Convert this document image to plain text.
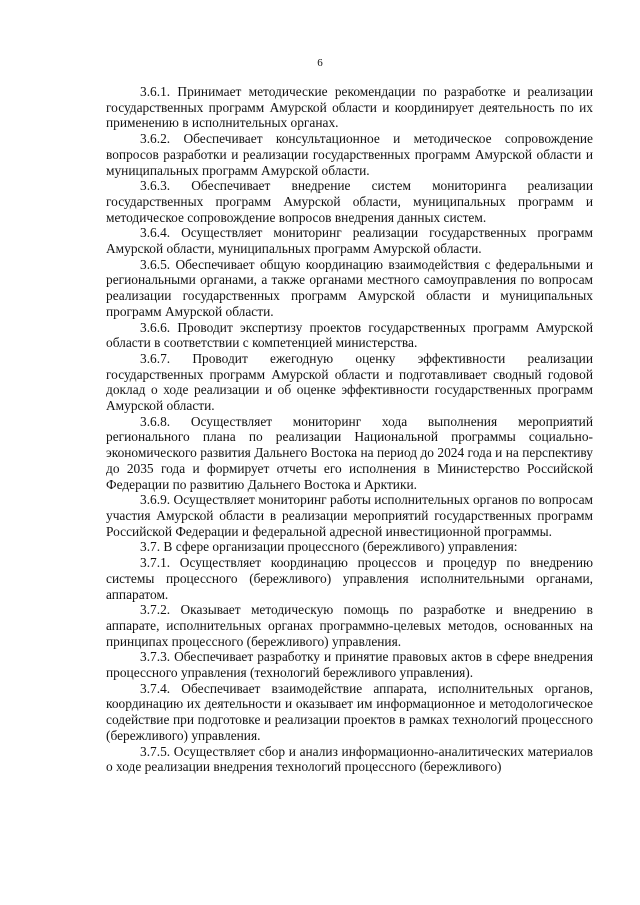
6

3.6.1. Принимает методические рекомендации по разработке и реализации государственных программ Амурской области и координирует деятельность по их применению в исполнительных органах.

3.6.2. Обеспечивает консультационное и методическое сопровождение вопросов разработки и реализации государственных программ Амурской области и муниципальных программ Амурской области.

3.6.3. Обеспечивает внедрение систем мониторинга реализации государственных программ Амурской области, муниципальных программ и методическое сопровождение вопросов внедрения данных систем.

3.6.4. Осуществляет мониторинг реализации государственных программ Амурской области, муниципальных программ Амурской области.

3.6.5. Обеспечивает общую координацию взаимодействия с федеральными и региональными органами, а также органами местного самоуправления по вопросам реализации государственных программ Амурской области и муниципальных программ Амурской области.

3.6.6. Проводит экспертизу проектов государственных программ Амурской области в соответствии с компетенцией министерства.

3.6.7. Проводит ежегодную оценку эффективности реализации государственных программ Амурской области и подготавливает сводный годовой доклад о ходе реализации и об оценке эффективности государственных программ Амурской области.

3.6.8. Осуществляет мониторинг хода выполнения мероприятий регионального плана по реализации Национальной программы социально-экономического развития Дальнего Востока на период до 2024 года и на перспективу до 2035 года и формирует отчеты его исполнения в Министерство Российской Федерации по развитию Дальнего Востока и Арктики.

3.6.9. Осуществляет мониторинг работы исполнительных органов по вопросам участия Амурской области в реализации мероприятий государственных программ Российской Федерации и федеральной адресной инвестиционной программы.

3.7. В сфере организации процессного (бережливого) управления:

3.7.1. Осуществляет координацию процессов и процедур по внедрению системы процессного (бережливого) управления исполнительными органами, аппаратом.

3.7.2. Оказывает методическую помощь по разработке и внедрению в аппарате, исполнительных органах программно-целевых методов, основанных на принципах процессного (бережливого) управления.

3.7.3. Обеспечивает разработку и принятие правовых актов в сфере внедрения процессного управления (технологий бережливого управления).

3.7.4. Обеспечивает взаимодействие аппарата, исполнительных органов, координацию их деятельности и оказывает им информационное и методологическое содействие при подготовке и реализации проектов в рамках технологий процессного (бережливого) управления.

3.7.5. Осуществляет сбор и анализ информационно-аналитических материалов о ходе реализации внедрения технологий процессного (бережливого)
